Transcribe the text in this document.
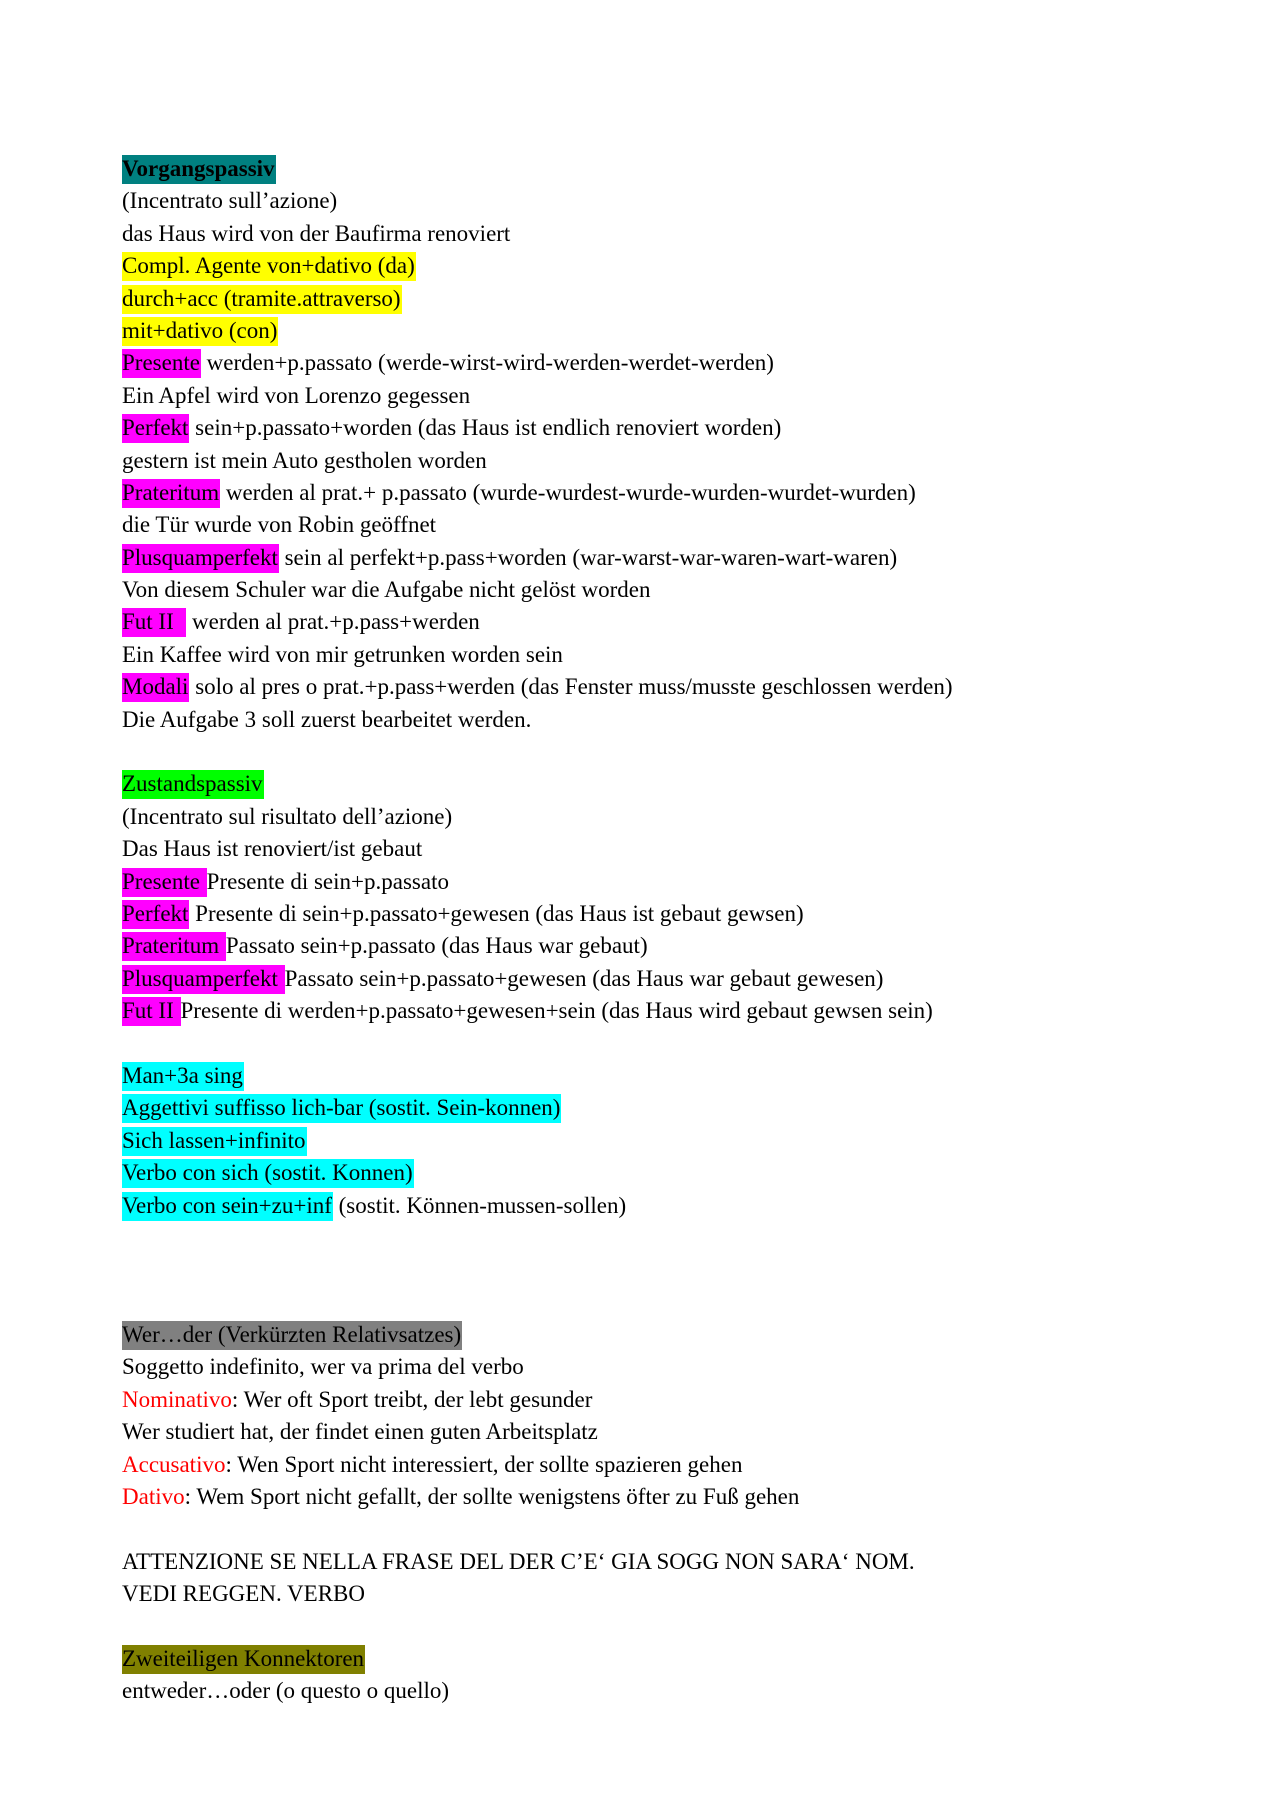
Vorgangspassiv
(Incentrato sull’azione)
das Haus wird von der Baufirma renoviert
Compl. Agente von+dativo (da)
durch+acc (tramite.attraverso)
mit+dativo (con)
Presente werden+p.passato (werde-wirst-wird-werden-werdet-werden)
Ein Apfel wird von Lorenzo gegessen
Perfekt sein+p.passato+worden (das Haus ist endlich renoviert worden)
gestern ist mein Auto gestholen worden
Prateritum werden al prat.+ p.passato (wurde-wurdest-wurde-wurden-wurdet-wurden)
die Tür wurde von Robin geöffnet
Plusquamperfekt sein al perfekt+p.pass+worden (war-warst-war-waren-wart-waren)
Von diesem Schuler war die Aufgabe nicht gelöst worden
Fut II   werden al prat.+p.pass+werden
Ein Kaffee wird von mir getrunken worden sein
Modali solo al pres o prat.+p.pass+werden (das Fenster muss/musste geschlossen werden)
Die Aufgabe 3 soll zuerst bearbeitet werden.
Zustandspassiv
(Incentrato sul risultato dell’azione)
Das Haus ist renoviert/ist gebaut
Presente Presente di sein+p.passato
Perfekt Presente di sein+p.passato+gewesen (das Haus ist gebaut gewsen)
Prateritum Passato sein+p.passato (das Haus war gebaut)
Plusquamperfekt Passato sein+p.passato+gewesen (das Haus war gebaut gewesen)
Fut II Presente di werden+p.passato+gewesen+sein (das Haus wird gebaut gewsen sein)
Man+3a sing
Aggettivi suffisso lich-bar (sostit. Sein-konnen)
Sich lassen+infinito
Verbo con sich (sostit. Konnen)
Verbo con sein+zu+inf (sostit. Können-mussen-sollen)
Wer…der (Verkürzten Relativsatzes)
Soggetto indefinito, wer va prima del verbo
Nominativo: Wer oft Sport treibt, der lebt gesunder
Wer studiert hat, der findet einen guten Arbeitsplatz
Accusativo: Wen Sport nicht interessiert, der sollte spazieren gehen
Dativo: Wem Sport nicht gefallt, der sollte wenigstens öfter zu Fuß gehen
ATTENZIONE SE NELLA FRASE DEL DER C’E‘ GIA SOGG NON SARA‘ NOM.
VEDI REGGEN. VERBO
Zweiteiligen Konnektoren
entweder…oder (o questo o quello)
